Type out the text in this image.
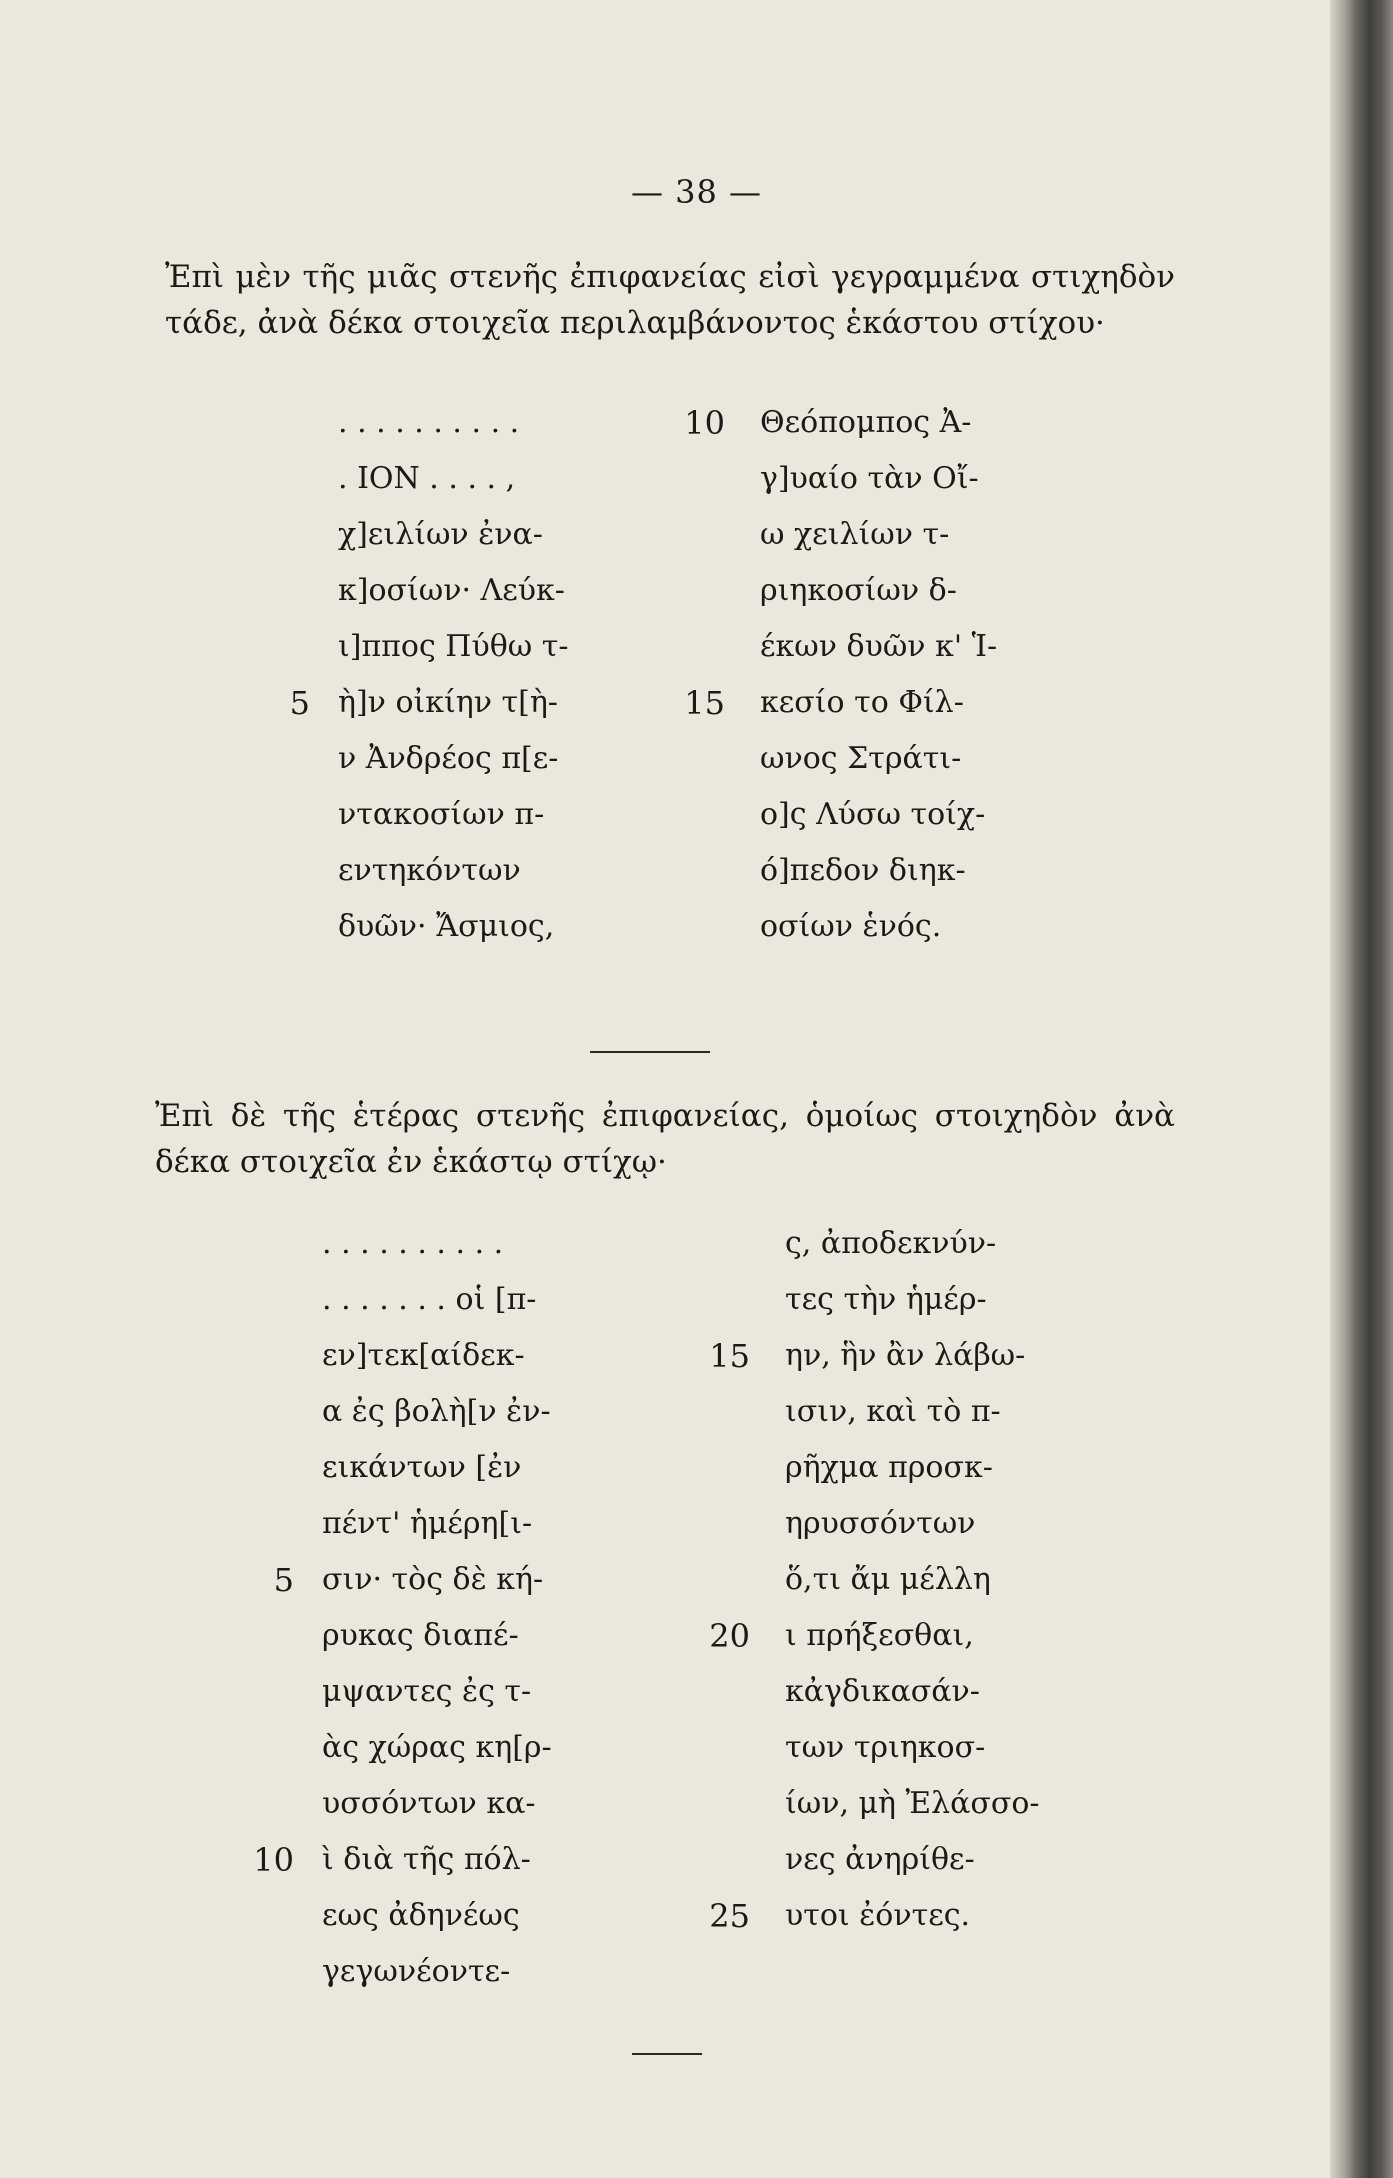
— 38 —
Ἐπὶ μὲν τῆς μιᾶς στενῆς ἐπιφανείας εἰσὶ γεγραμμένα στιχηδὸν τάδε, ἀνὰ δέκα στοιχεῖα περιλαμβάνοντος ἑκάστου στίχου·
. . . . . . . . . .
. ΙΟΝ . . . . ,
χ]ειλίων ἐνα-
κ]οσίων· Λεύκ-
ι]ππος Πύθω τ-
ὴ]ν οἰκίην τ[ὴ-
ν Ἀνδρέος π[ε-
ντακοσίων π-
εντηκόντων
δυῶν· Ἄσμιος,
Θεόπομπος Ἀ-
γ]υαίο τὰν Οἴ-
ω χειλίων τ-
ριηκοσίων δ-
έκων δυῶν κ' Ἱ-
κεσίο το Φίλ-
ωνος Στράτι-
ο]ς Λύσω τοίχ-
ό]πεδον διηκ-
οσίων ἑνός.
Ἐπὶ δὲ τῆς ἑτέρας στενῆς ἐπιφανείας, ὁμοίως στοιχηδὸν ἀνὰ δέκα στοιχεῖα ἐν ἑκάστῳ στίχῳ·
. . . . . . . . . .
. . . . . . . οἱ [π-
εν]τεκ[αίδεκ-
α ἐς βολὴ[ν ἐν-
εικάντων [ἐν
πέντ' ἡμέρη[ι-
σιν· τὸς δὲ κή-
ρυκας διαπέ-
μψαντες ἐς τ-
ὰς χώρας κη[ρ-
υσσόντων κα-
ὶ διὰ τῆς πόλ-
εως ἀδηνέως
γεγωνέοντε-
ς, ἀποδεκνύν-
τες τὴν ἡμέρ-
ην, ἣν ἂν λάβω-
ισιν, καὶ τὸ π-
ρῆχμα προσκ-
ηρυσσόντων
ὅ,τι ἄμ μέλλη
ι πρήξεσθαι,
κἀγδικασάν-
των τριηκοσ-
ίων, μὴ Ἐλάσσο-
νες ἀνηρίθε-
υτοι ἐόντες.
10
5	15
15
5
20
10
25
